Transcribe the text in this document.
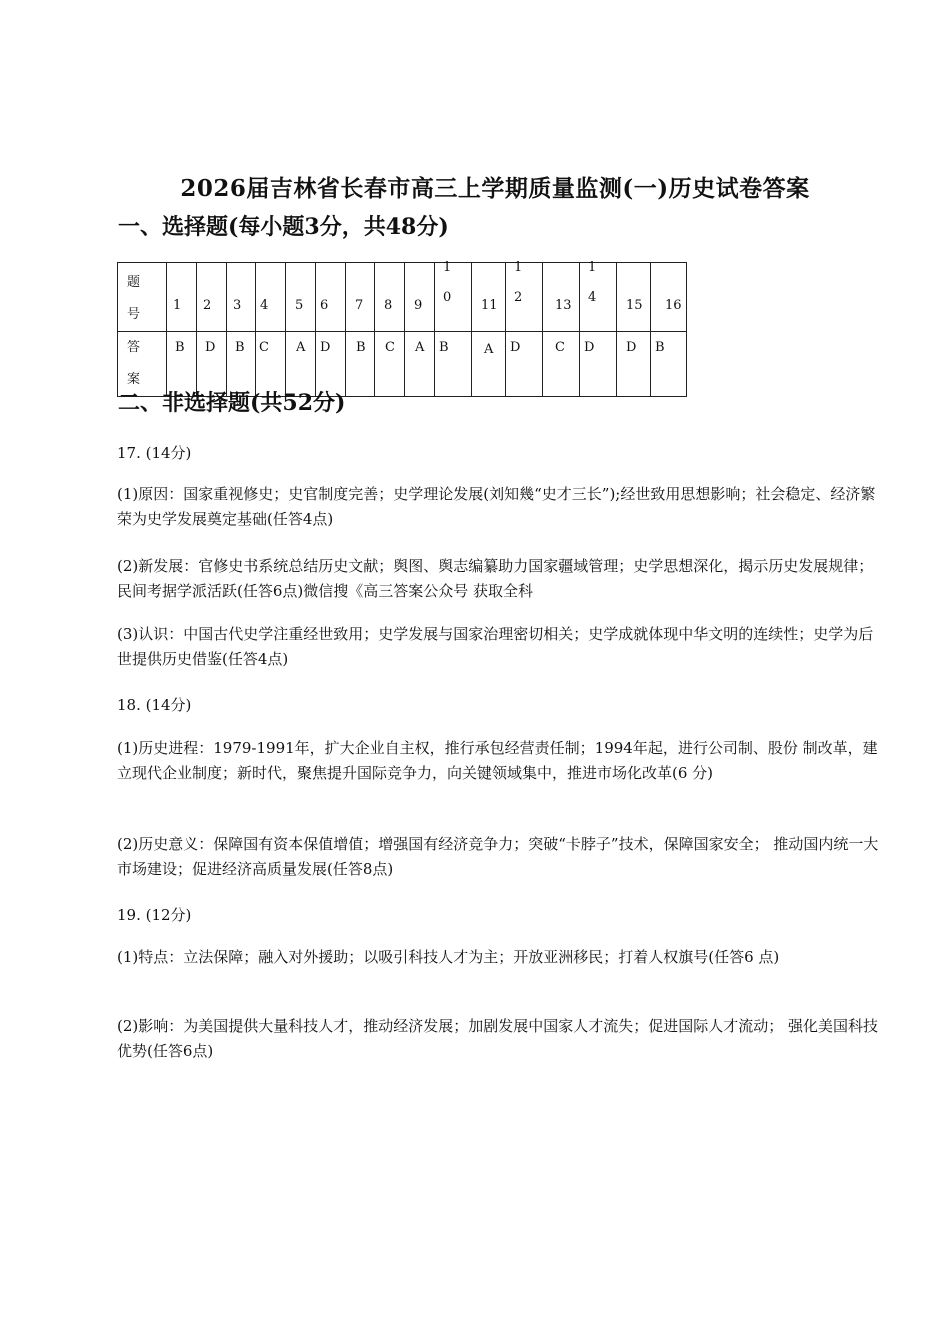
2026届吉林省长春市高三上学期质量监测(一)历史试卷答案
一、选择题(每小题3分，共48分)
题号	1	2	3	4	5	6	7	8	9	10	11	12	13	14	15	16

答案	B	D	B	C	A	D	B	C	A	B	A	D	C	D	D	B
二、非选择题(共52分)

17. (14分)

(1)原因：国家重视修史；史官制度完善；史学理论发展(刘知幾“史才三长”);经世致用思想影响；社会稳定、经济繁荣为史学发展奠定基础(任答4点)

(2)新发展：官修史书系统总结历史文献；舆图、舆志编纂助力国家疆域管理；史学思想深化，揭示历史发展规律；民间考据学派活跃(任答6点)微信搜《高三答案公众号 获取全科

(3)认识：中国古代史学注重经世致用；史学发展与国家治理密切相关；史学成就体现中华文明的连续性；史学为后世提供历史借鉴(任答4点)

18. (14分)

(1)历史进程：1979-1991年，扩大企业自主权，推行承包经营责任制；1994年起，进行公司制、股份 制改革，建立现代企业制度；新时代，聚焦提升国际竞争力，向关键领域集中，推进市场化改革(6 分)

(2)历史意义：保障国有资本保值增值；增强国有经济竞争力；突破“卡脖子”技术，保障国家安全； 推动国内统一大市场建设；促进经济高质量发展(任答8点)

19. (12分)

(1)特点：立法保障；融入对外援助；以吸引科技人才为主；开放亚洲移民；打着人权旗号(任答6 点)

(2)影响：为美国提供大量科技人才，推动经济发展；加剧发展中国家人才流失；促进国际人才流动； 强化美国科技优势(任答6点)
